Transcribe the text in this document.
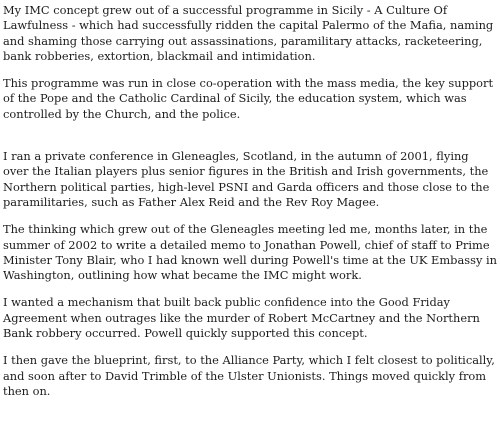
My IMC concept grew out of a successful programme in Sicily - A Culture Of Lawfulness - which had successfully ridden the capital Palermo of the Mafia, naming and shaming those carrying out assassinations, paramilitary attacks, racketeering, bank robberies, extortion, blackmail and intimidation.

This programme was run in close co-operation with the mass media, the key support of the Pope and the Catholic Cardinal of Sicily, the education system, which was controlled by the Church, and the police.

I ran a private conference in Gleneagles, Scotland, in the autumn of 2001, flying over the Italian players plus senior figures in the British and Irish governments, the Northern political parties, high-level PSNI and Garda officers and those close to the paramilitaries, such as Father Alex Reid and the Rev Roy Magee.

The thinking which grew out of the Gleneagles meeting led me, months later, in the summer of 2002 to write a detailed memo to Jonathan Powell, chief of staff to Prime Minister Tony Blair, who I had known well during Powell's time at the UK Embassy in Washington, outlining how what became the IMC might work.

I wanted a mechanism that built back public confidence into the Good Friday Agreement when outrages like the murder of Robert McCartney and the Northern Bank robbery occurred. Powell quickly supported this concept.

I then gave the blueprint, first, to the Alliance Party, which I felt closest to politically, and soon after to David Trimble of the Ulster Unionists. Things moved quickly from then on.
